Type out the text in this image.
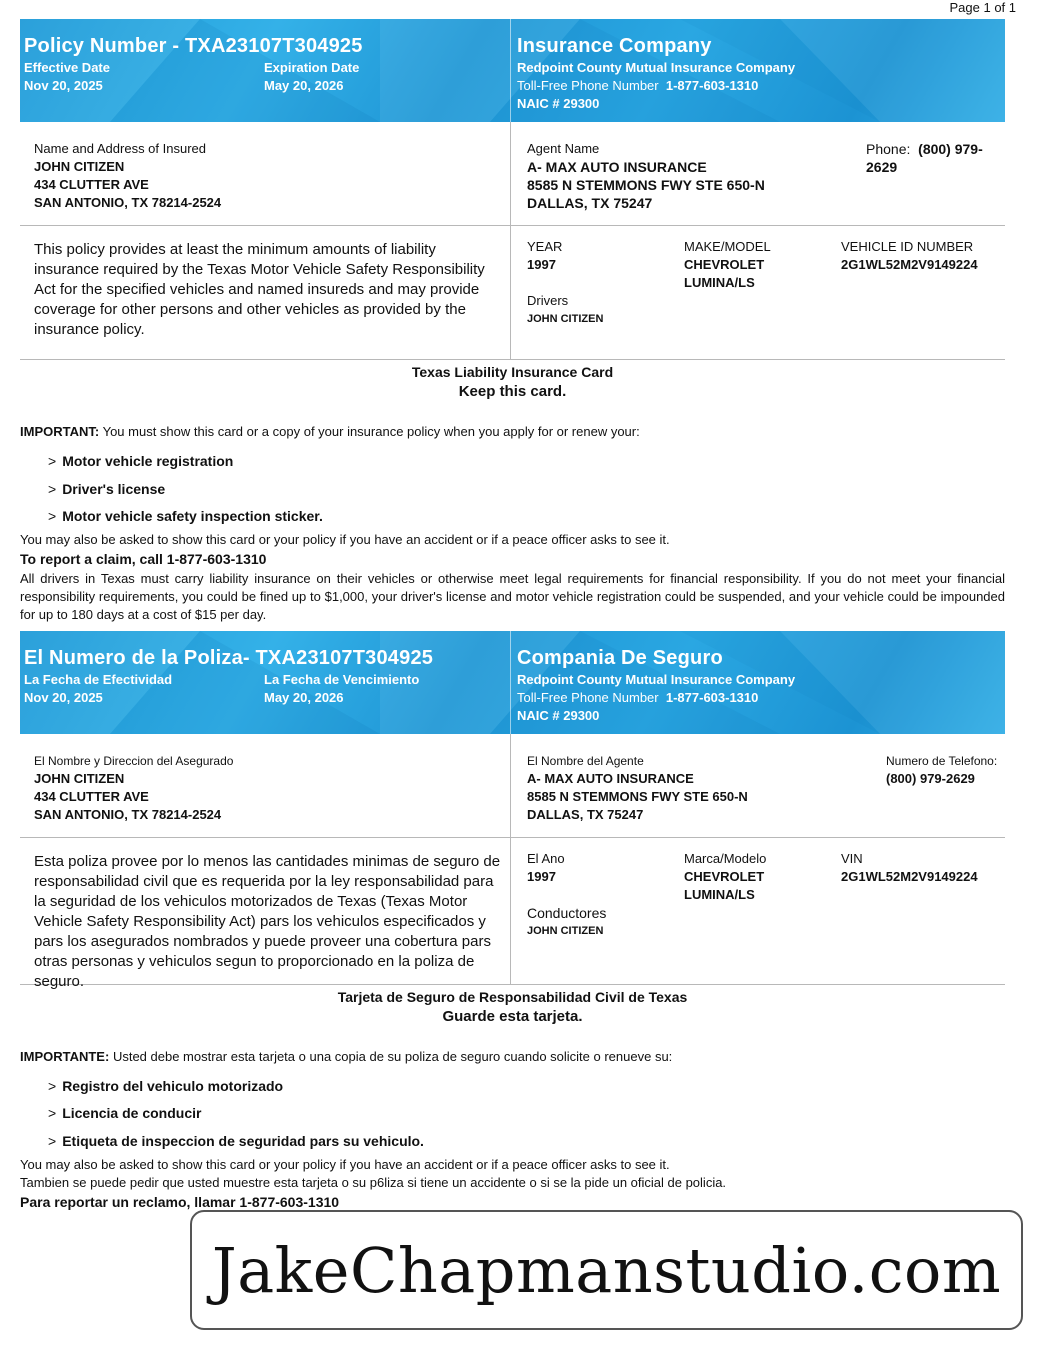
Page 1 of 1
Policy Number - TXA23107T304925
Effective Date	Expiration Date
Nov 20, 2025	May 20, 2026
Insurance Company
Redpoint County Mutual Insurance Company
Toll-Free Phone Number 1-877-603-1310
NAIC # 29300
Name and Address of Insured
JOHN CITIZEN
434 CLUTTER AVE
SAN ANTONIO, TX 78214-2524
Agent Name
A- MAX AUTO INSURANCE
8585 N STEMMONS FWY STE 650-N
DALLAS, TX 75247
Phone: (800) 979-2629
This policy provides at least the minimum amounts of liability insurance required by the Texas Motor Vehicle Safety Responsibility Act for the specified vehicles and named insureds and may provide coverage for other persons and other vehicles as provided by the insurance policy.
YEAR
1997
MAKE/MODEL
CHEVROLET
LUMINA/LS
VEHICLE ID NUMBER
2G1WL52M2V9149224
Drivers
JOHN CITIZEN
Texas Liability Insurance Card
Keep this card.
IMPORTANT: You must show this card or a copy of your insurance policy when you apply for or renew your:
> Motor vehicle registration
> Driver's license
> Motor vehicle safety inspection sticker.
You may also be asked to show this card or your policy if you have an accident or if a peace officer asks to see it.
To report a claim, call 1-877-603-1310
All drivers in Texas must carry liability insurance on their vehicles or otherwise meet legal requirements for financial responsibility. If you do not meet your financial responsibility requirements, you could be fined up to $1,000, your driver's license and motor vehicle registration could be suspended, and your vehicle could be impounded for up to 180 days at a cost of $15 per day.
El Numero de la Poliza- TXA23107T304925
La Fecha de Efectividad	La Fecha de Vencimiento
Nov 20, 2025	May 20, 2026
Compania De Seguro
Redpoint County Mutual Insurance Company
Toll-Free Phone Number 1-877-603-1310
NAIC # 29300
El Nombre y Direccion del Asegurado
JOHN CITIZEN
434 CLUTTER AVE
SAN ANTONIO, TX 78214-2524
El Nombre del Agente
A- MAX AUTO INSURANCE
8585 N STEMMONS FWY STE 650-N
DALLAS, TX 75247
Numero de Telefono:
(800) 979-2629
Esta poliza provee por lo menos las cantidades minimas de seguro de responsabilidad civil que es requerida por la ley responsabilidad para la seguridad de los vehiculos motorizados de Texas (Texas Motor Vehicle Safety Responsibility Act) pars los vehiculos especificados y pars los asegurados nombrados y puede proveer una cobertura pars otras personas y vehiculos segun to proporcionado en la poliza de seguro.
El Ano
1997
Marca/Modelo
CHEVROLET
LUMINA/LS
VIN
2G1WL52M2V9149224
Conductores
JOHN CITIZEN
Tarjeta de Seguro de Responsabilidad Civil de Texas
Guarde esta tarjeta.
IMPORTANTE: Usted debe mostrar esta tarjeta o una copia de su poliza de seguro cuando solicite o renueve su:
> Registro del vehiculo motorizado
> Licencia de conducir
> Etiqueta de inspeccion de seguridad pars su vehiculo.
You may also be asked to show this card or your policy if you have an accident or if a peace officer asks to see it.
Tambien se puede pedir que usted muestre esta tarjeta o su p6liza si tiene un accidente o si se la pide un oficial de policia.
Para reportar un reclamo, llamar 1-877-603-1310
JakeChapmanstudio.com
